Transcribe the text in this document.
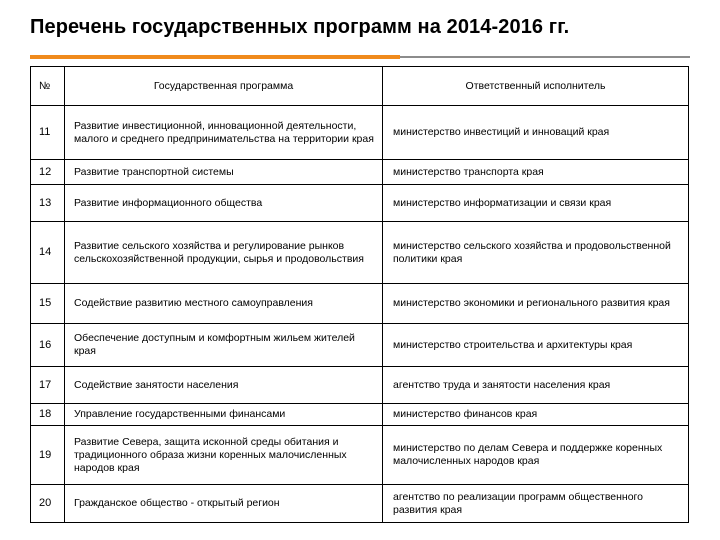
Перечень государственных программ на 2014-2016 гг.
№	Государственная программа	Ответственный исполнитель
11	Развитие инвестиционной, инновационной деятельности, малого и среднего предпринимательства на территории края	министерство инвестиций и инноваций края
12	Развитие транспортной системы	министерство транспорта края
13	Развитие информационного общества	министерство информатизации и связи края
14	Развитие сельского хозяйства и регулирование рынков сельскохозяйственной продукции, сырья и продовольствия	министерство сельского хозяйства и продовольственной политики края
15	Содействие развитию местного самоуправления	министерство экономики и регионального развития края
16	Обеспечение доступным и комфортным жильем жителей края	министерство строительства и архитектуры края
17	Содействие занятости населения	агентство труда и занятости населения края
18	Управление государственными финансами	министерство финансов края
19	Развитие Севера, защита исконной среды обитания и традиционного образа жизни коренных малочисленных народов края	министерство по делам Севера и поддержке коренных малочисленных народов края
20	Гражданское общество - открытый регион	агентство по реализации программ общественного развития края
